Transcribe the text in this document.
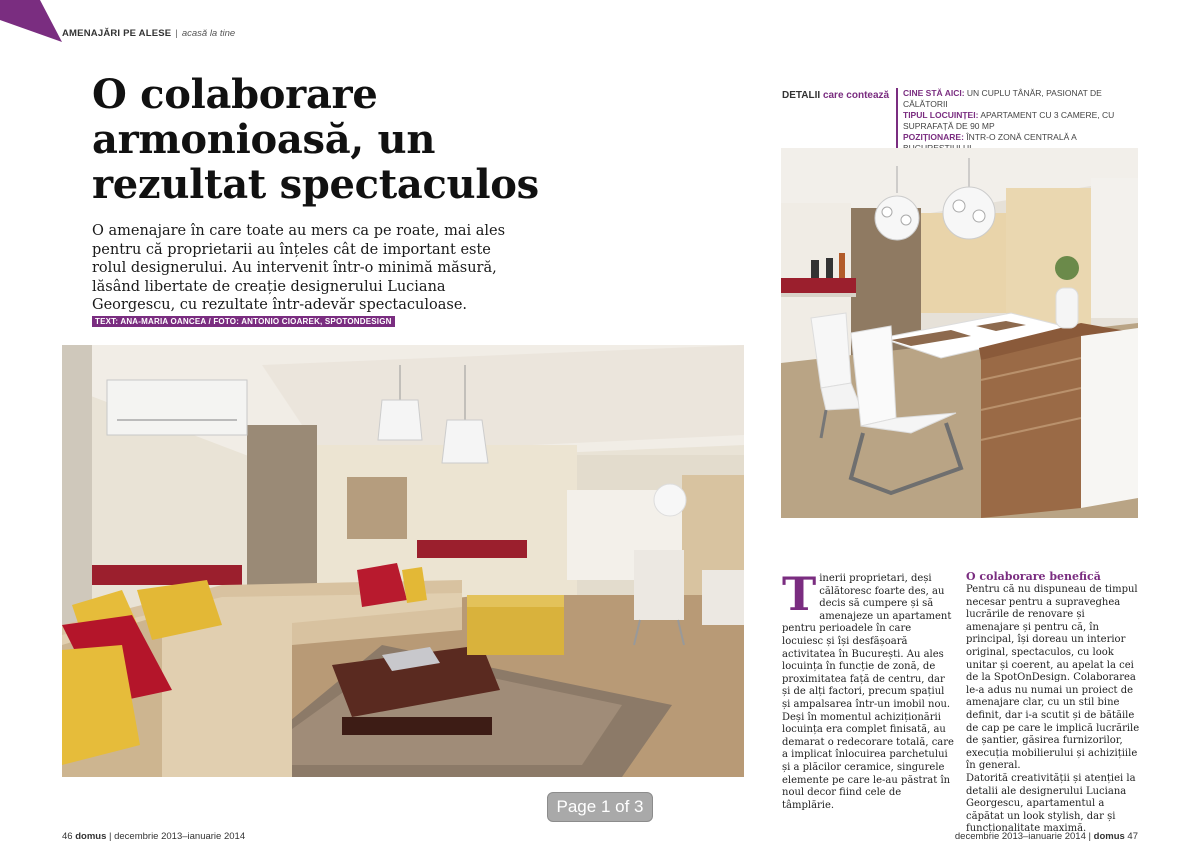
AMENAJĂRI PE ALESE | acasă la tine
O colaborare armonioasă, un rezultat spectaculos

O amenajare în care toate au mers ca pe roate, mai ales pentru că proprietarii au înțeles cât de important este rolul designerului. Au intervenit într-o minimă măsură, lăsând libertate de creație designerului Luciana Georgescu, cu rezultate într-adevăr spectaculoase.

TEXT: ANA-MARIA OANCEA / FOTO: ANTONIO CIOAREK, SPOTONDESIGN
DETALII care contează CINE STĂ AICI: UN CUPLU TÂNĂR, PASIONAT DE CĂLĂTORII
TIPUL LOCUINȚEI: APARTAMENT CU 3 CAMERE, CU SUPRAFAȚĂ DE 90 MP
POZIȚIONARE: ÎNTR-O ZONĂ CENTRALĂ A
T inerii proprietari, deși călătoresc foarte des, au decis să cumpere și să amenajeze un apartament pentru perioadele în care locuiesc și își desfășoară activitatea în București. Au ales locuința în funcție de zonă, de proximitatea față de centru, dar și de alți factori, precum spațiul și ampalsarea într-un imobil nou.

Deși în momentul achiziționării locuința era complet finisată, au demarat o redecorare totală, care a implicat înlocuirea parchetului și a plăcilor ceramice, singurele elemente pe care le-au păstrat în noul decor fiind cele de tâmplărie.

O colaborare benefică

Pentru că nu dispuneau de timpul necesar pentru a supraveghea lucrările de renovare și amenajare și pentru că, în principal, își doreau un interior original, spectaculos, cu look unitar și coerent, au apelat la cei de la SpotOnDesign. Colaborarea le-a adus nu numai un proiect de amenajare clar, cu un stil bine definit, dar i-a scutit și de bătăile de cap pe care le implică lucrările de șantier, găsirea furnizorilor, execuția mobilierului și achizițiile în general.

Datorită creativității și atenției la detalii ale designerului Luciana Georgescu, apartamentul a căpătat un look stylish, dar și funcționalitate maximă.

Page 1 of 3
46 domus | decembrie 2013–ianuarie 2014	decembrie 2013–ianuarie 2014 | domus 47
